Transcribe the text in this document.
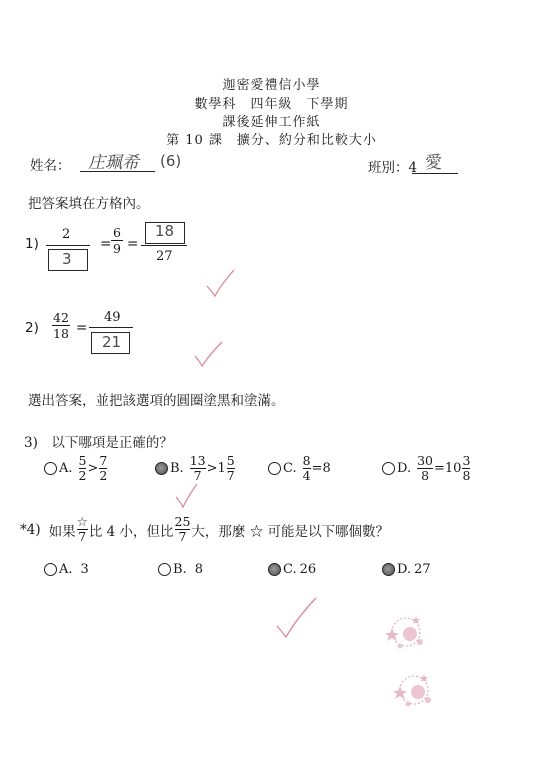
迦密愛禮信小學
數學科　四年級　下學期
課後延伸工作紙
第 10 課　擴分、約分和比較大小
姓名： 庄珮希 (6)	班別：4 愛
把答案填在方格內。
1)
2
3
=
6
9 =
18
27
2)
42
18 =
49
21
選出答案，並把該選項的圓圈塗黑和塗滿。
3)　以下哪項是正確的？
A.
5
2 >
7
2	B.
13
7 > 1
5
7	C.
8
4 =8	D.
30
8 =10
3
8
*4) 如果
☆
7 比 4 小，但比
25
7 大，那麼 ☆ 可能是以下哪個數？
A. 3	B. 8	C. 26	D. 27
